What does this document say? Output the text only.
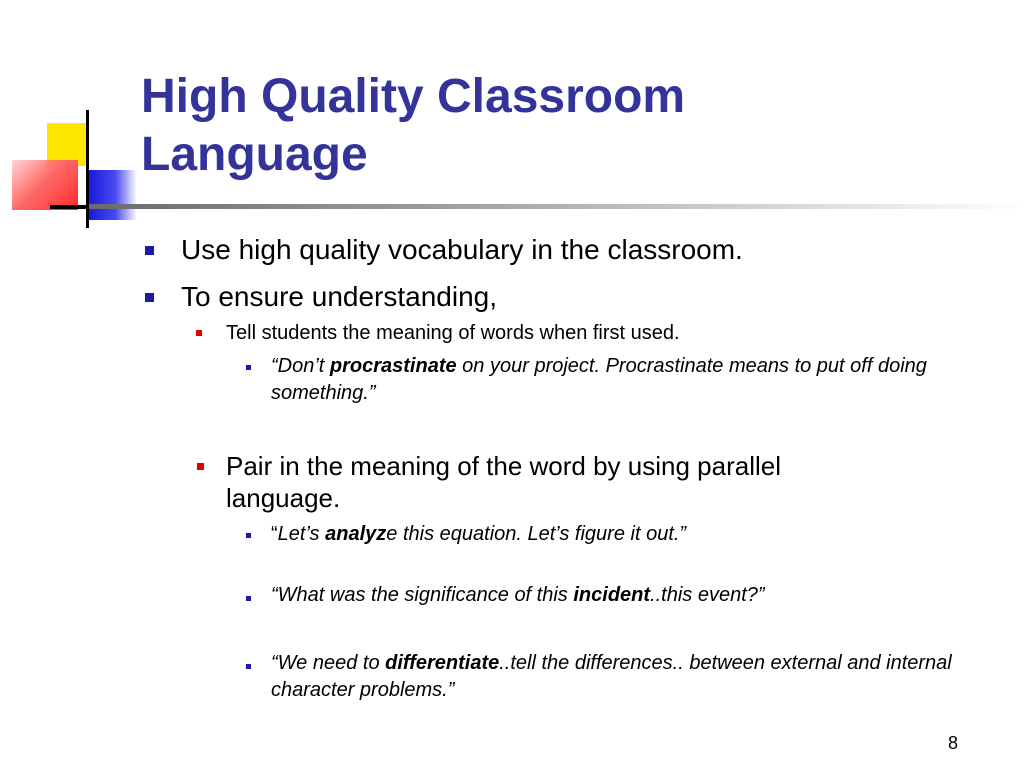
High Quality Classroom
Language
Use high quality vocabulary in the classroom.
To ensure understanding,
Tell students the meaning of words when first used.
“Don’t procrastinate on your project. Procrastinate means to put off doing something.”
Pair in the meaning of the word by using parallel language.
“Let’s analyze this equation. Let’s figure it out.”
“What was the significance of this incident..this event?”
“We need to differentiate..tell the differences.. between external and internal character problems.”
8
